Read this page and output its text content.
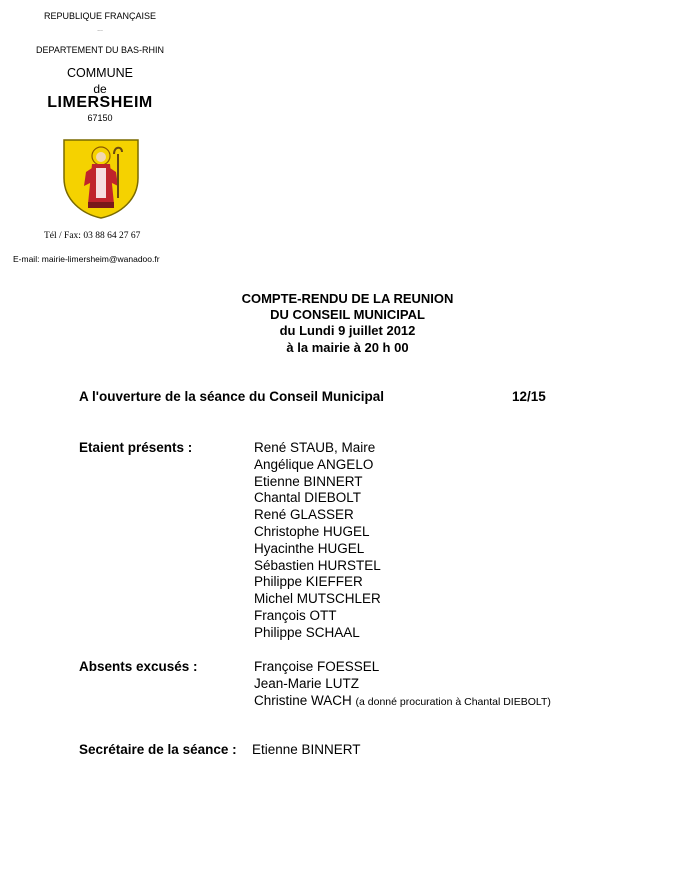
REPUBLIQUE FRANÇAISE
...
DEPARTEMENT DU BAS-RHIN
COMMUNE
de
LIMERSHEIM
67150
Tél / Fax: 03 88 64 27 67
E-mail: mairie-limersheim@wanadoo.fr
COMPTE-RENDU DE LA REUNION
DU CONSEIL MUNICIPAL
du Lundi 9 juillet 2012
à la mairie à 20 h 00
A l'ouverture de la séance du Conseil Municipal	12/15
Etaient présents :	René STAUB, Maire
Angélique ANGELO
Etienne BINNERT
Chantal DIEBOLT
René GLASSER
Christophe HUGEL
Hyacinthe HUGEL
Sébastien HURSTEL
Philippe KIEFFER
Michel MUTSCHLER
François OTT
Philippe SCHAAL
Absents excusés :	Françoise FOESSEL
Jean-Marie LUTZ
Christine WACH (a donné procuration à Chantal DIEBOLT)
Secrétaire de la séance : Etienne BINNERT
